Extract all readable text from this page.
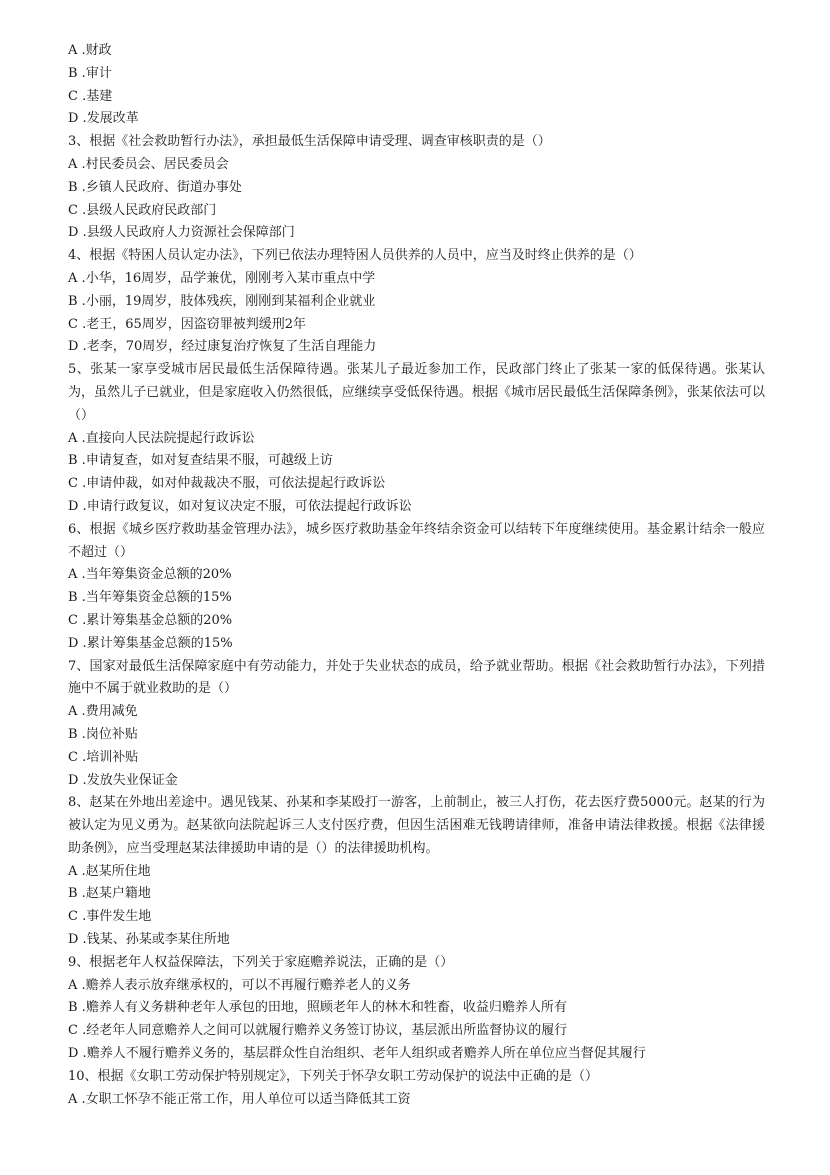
A .财政

B .审计

C .基建

D .发展改革

3、根据《社会救助暂行办法》，承担最低生活保障申请受理、调查审核职责的是（）

A .村民委员会、居民委员会

B .乡镇人民政府、街道办事处

C .县级人民政府民政部门

D .县级人民政府人力资源社会保障部门

4、根据《特困人员认定办法》，下列已依法办理特困人员供养的人员中，应当及时终止供养的是（）

A .小华，16周岁，品学兼优，刚刚考入某市重点中学

B .小丽，19周岁，肢体残疾，刚刚到某福利企业就业

C .老王，65周岁，因盗窃罪被判缓刑2年

D .老李，70周岁，经过康复治疗恢复了生活自理能力

5、张某一家享受城市居民最低生活保障待遇。张某儿子最近参加工作，民政部门终止了张某一家的低保待遇。张某认为，虽然儿子已就业，但是家庭收入仍然很低，应继续享受低保待遇。根据《城市居民最低生活保障条例》，张某依法可以（）

A .直接向人民法院提起行政诉讼

B .申请复查，如对复查结果不服，可越级上访

C .申请仲裁，如对仲裁裁决不服，可依法提起行政诉讼

D .申请行政复议，如对复议决定不服，可依法提起行政诉讼

6、根据《城乡医疗救助基金管理办法》，城乡医疗救助基金年终结余资金可以结转下年度继续使用。基金累计结余一般应不超过（）

A .当年筹集资金总额的20%

B .当年筹集资金总额的15%

C .累计筹集基金总额的20%

D .累计筹集基金总额的15%

7、国家对最低生活保障家庭中有劳动能力，并处于失业状态的成员，给予就业帮助。根据《社会救助暂行办法》，下列措施中不属于就业救助的是（）

A .费用减免

B .岗位补贴

C .培训补贴

D .发放失业保证金

8、赵某在外地出差途中。遇见钱某、孙某和李某殴打一游客，上前制止，被三人打伤，花去医疗费5000元。赵某的行为被认定为见义勇为。赵某欲向法院起诉三人支付医疗费，但因生活困难无钱聘请律师，准备申请法律救援。根据《法律援助条例》，应当受理赵某法律援助申请的是（）的法律援助机构。

A .赵某所住地

B .赵某户籍地

C .事件发生地

D .钱某、孙某或李某住所地

9、根据老年人权益保障法，下列关于家庭赡养说法，正确的是（）

A .赡养人表示放弃继承权的，可以不再履行赡养老人的义务

B .赡养人有义务耕种老年人承包的田地，照顾老年人的林木和牲畜，收益归赡养人所有

C .经老年人同意赡养人之间可以就履行赡养义务签订协议，基层派出所监督协议的履行

D .赡养人不履行赡养义务的，基层群众性自治组织、老年人组织或者赡养人所在单位应当督促其履行

10、根据《女职工劳动保护特别规定》，下列关于怀孕女职工劳动保护的说法中正确的是（）

A .女职工怀孕不能正常工作，用人单位可以适当降低其工资
